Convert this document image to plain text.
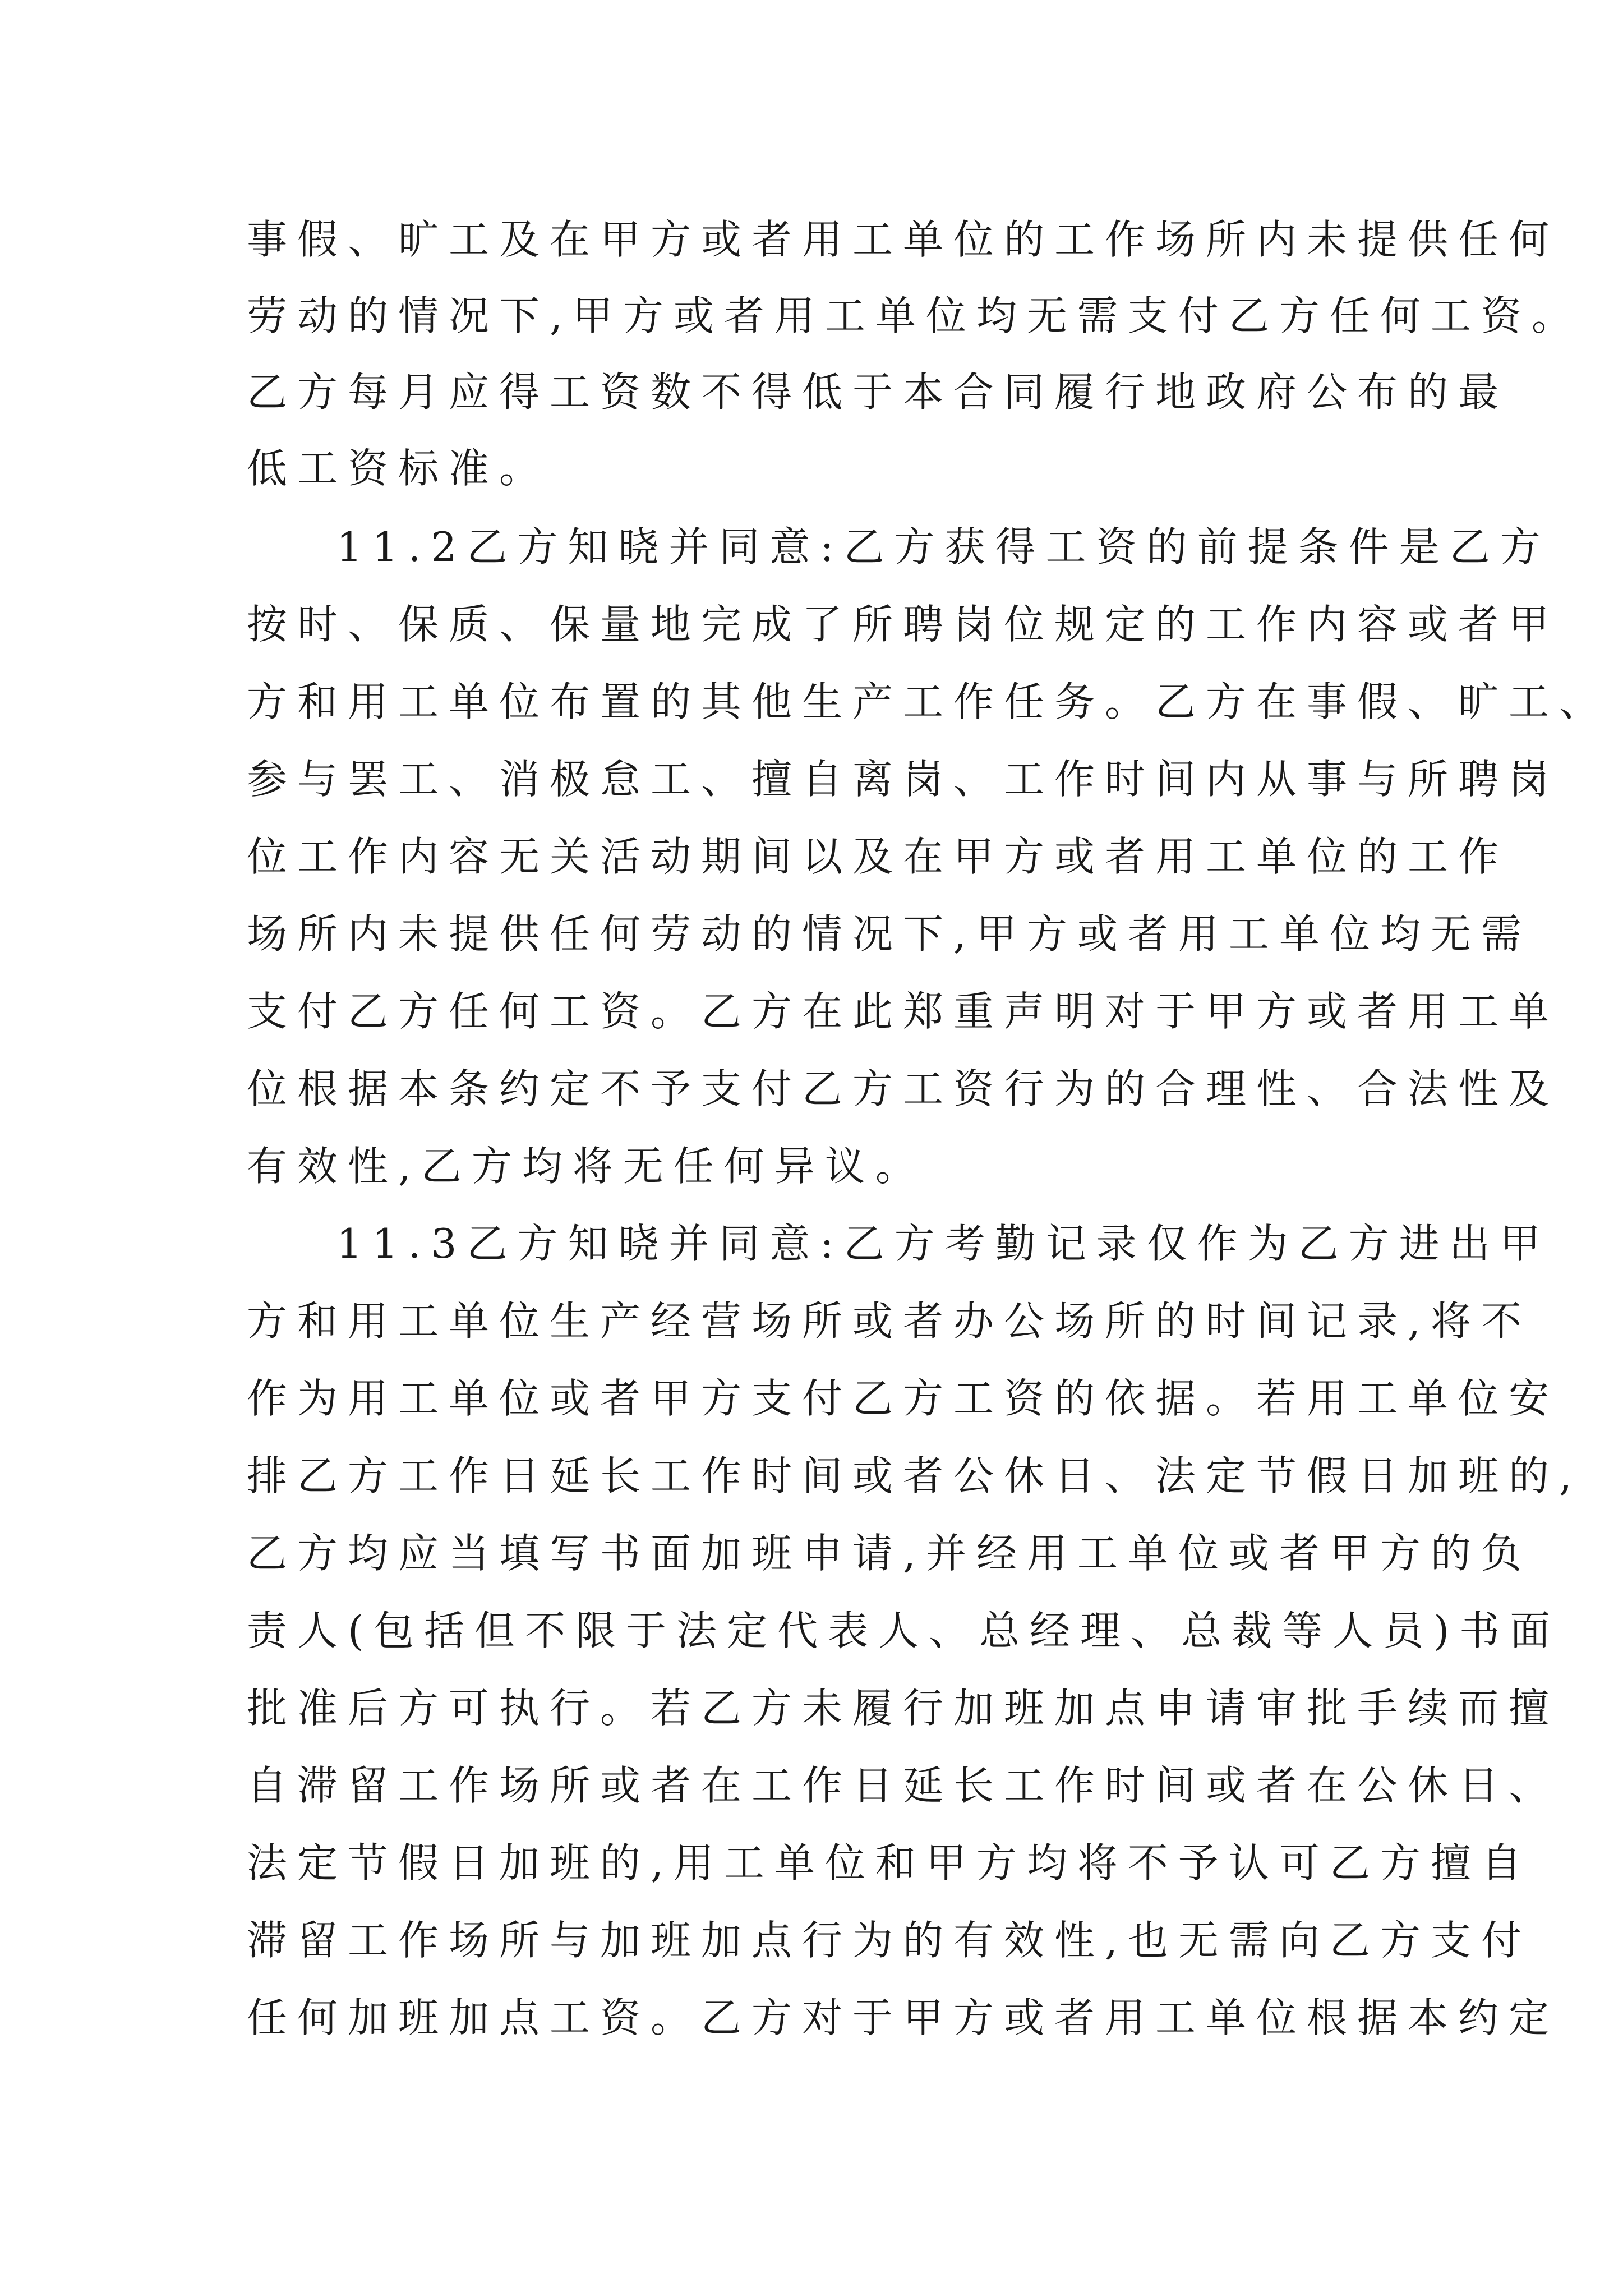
事假、旷工及在甲方或者用工单位的工作场所内未提供任何
劳动的情况下,甲方或者用工单位均无需支付乙方任何工资。
乙方每月应得工资数不得低于本合同履行地政府公布的最
低工资标准。
11.2乙方知晓并同意:乙方获得工资的前提条件是乙方
按时、保质、保量地完成了所聘岗位规定的工作内容或者甲
方和用工单位布置的其他生产工作任务。乙方在事假、旷工、
参与罢工、消极怠工、擅自离岗、工作时间内从事与所聘岗
位工作内容无关活动期间以及在甲方或者用工单位的工作
场所内未提供任何劳动的情况下,甲方或者用工单位均无需
支付乙方任何工资。乙方在此郑重声明对于甲方或者用工单
位根据本条约定不予支付乙方工资行为的合理性、合法性及
有效性,乙方均将无任何异议。
11.3乙方知晓并同意:乙方考勤记录仅作为乙方进出甲
方和用工单位生产经营场所或者办公场所的时间记录,将不
作为用工单位或者甲方支付乙方工资的依据。若用工单位安
排乙方工作日延长工作时间或者公休日、法定节假日加班的,
乙方均应当填写书面加班申请,并经用工单位或者甲方的负
责人(包括但不限于法定代表人、总经理、总裁等人员)书面
批准后方可执行。若乙方未履行加班加点申请审批手续而擅
自滞留工作场所或者在工作日延长工作时间或者在公休日、
法定节假日加班的,用工单位和甲方均将不予认可乙方擅自
滞留工作场所与加班加点行为的有效性,也无需向乙方支付
任何加班加点工资。乙方对于甲方或者用工单位根据本约定
